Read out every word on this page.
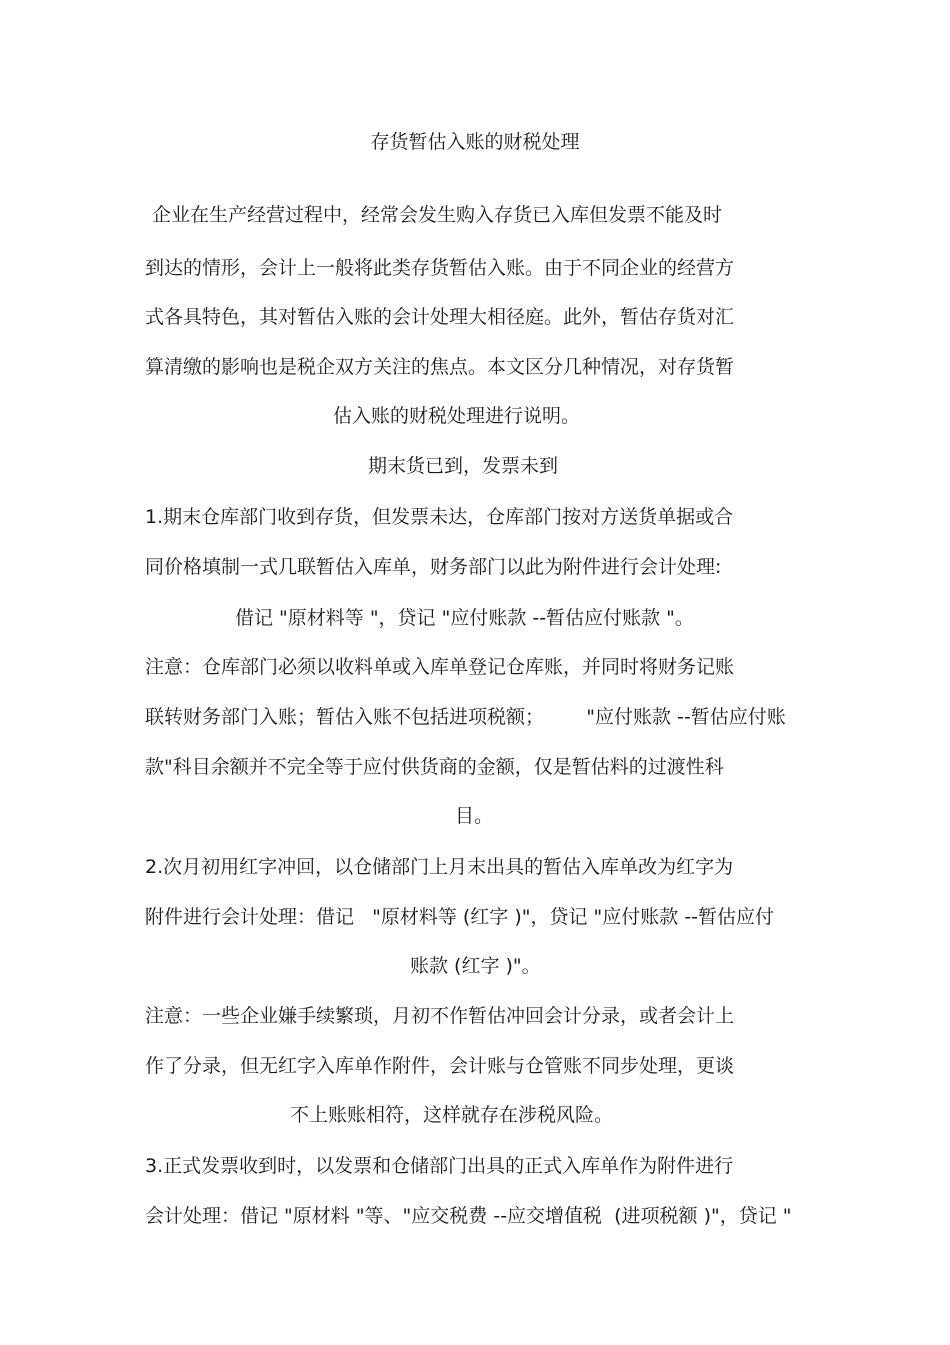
存货暂估入账的财税处理
企业在生产经营过程中，经常会发生购入存货已入库但发票不能及时
到达的情形，会计上一般将此类存货暂估入账。由于不同企业的经营方
式各具特色，其对暂估入账的会计处理大相径庭。此外，暂估存货对汇
算清缴的影响也是税企双方关注的焦点。本文区分几种情况，对存货暂
估入账的财税处理进行说明。
期末货已到，发票未到
1.期末仓库部门收到存货，但发票未达，仓库部门按对方送货单据或合
同价格填制一式几联暂估入库单，财务部门以此为附件进行会计处理:
借记 "原材料等 "，贷记 "应付账款 --暂估应付账款 "。
注意：仓库部门必须以收料单或入库单登记仓库账，并同时将财务记账
联转财务部门入账；暂估入账不包括进项税额；       "应付账款 --暂估应付账
款"科目余额并不完全等于应付供货商的金额，仅是暂估料的过渡性科
目。
2.次月初用红字冲回，以仓储部门上月末出具的暂估入库单改为红字为
附件进行会计处理：借记   "原材料等 (红字 )"，贷记 "应付账款 --暂估应付
账款 (红字 )"。
注意：一些企业嫌手续繁琐，月初不作暂估冲回会计分录，或者会计上
作了分录，但无红字入库单作附件，会计账与仓管账不同步处理，更谈
不上账账相符，这样就存在涉税风险。
3.正式发票收到时，以发票和仓储部门出具的正式入库单作为附件进行
会计处理：借记 "原材料 "等、"应交税费 --应交增值税  (进项税额 )"，贷记 "
